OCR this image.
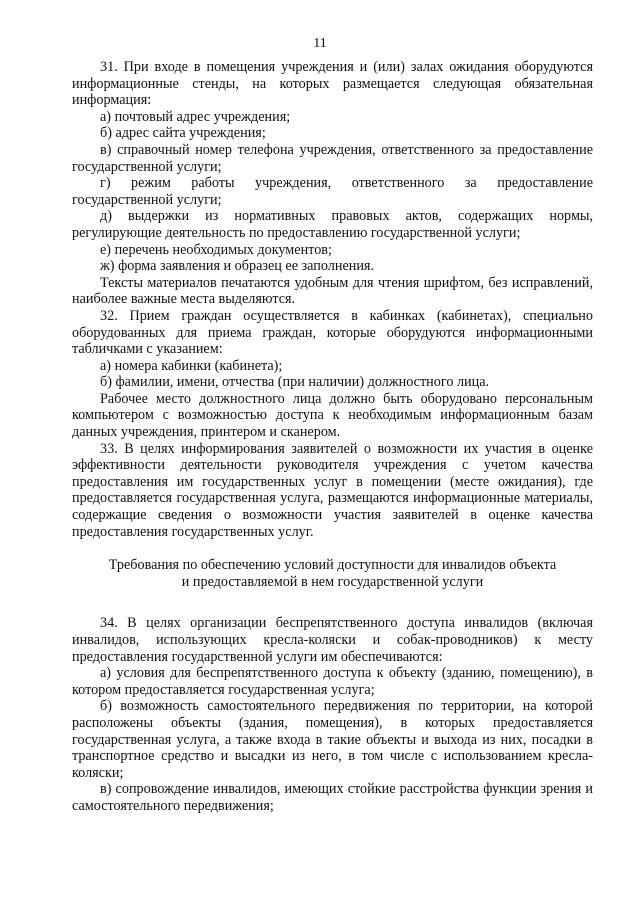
11

31. При входе в помещения учреждения и (или) залах ожидания оборудуются информационные стенды, на которых размещается следующая обязательная информация:

а) почтовый адрес учреждения;

б) адрес сайта учреждения;

в) справочный номер телефона учреждения, ответственного за предоставление государственной услуги;

г) режим работы учреждения, ответственного за предоставление государственной услуги;

д) выдержки из нормативных правовых актов, содержащих нормы, регулирующие деятельность по предоставлению государственной услуги;

е) перечень необходимых документов;

ж) форма заявления и образец ее заполнения.

Тексты материалов печатаются удобным для чтения шрифтом, без исправлений, наиболее важные места выделяются.

32. Прием граждан осуществляется в кабинках (кабинетах), специально оборудованных для приема граждан, которые оборудуются информационными табличками с указанием:

а) номера кабинки (кабинета);

б) фамилии, имени, отчества (при наличии) должностного лица.

Рабочее место должностного лица должно быть оборудовано персональным компьютером с возможностью доступа к необходимым информационным базам данных учреждения, принтером и сканером.

33. В целях информирования заявителей о возможности их участия в оценке эффективности деятельности руководителя учреждения с учетом качества предоставления им государственных услуг в помещении (месте ожидания), где предоставляется государственная услуга, размещаются информационные материалы, содержащие сведения о возможности участия заявителей в оценке качества предоставления государственных услуг.

Требования по обеспечению условий доступности для инвалидов объекта

и предоставляемой в нем государственной услуги

34. В целях организации беспрепятственного доступа инвалидов (включая инвалидов, использующих кресла-коляски и собак-проводников) к месту предоставления государственной услуги им обеспечиваются:

а) условия для беспрепятственного доступа к объекту (зданию, помещению), в котором предоставляется государственная услуга;

б) возможность самостоятельного передвижения по территории, на которой расположены объекты (здания, помещения), в которых предоставляется государственная услуга, а также входа в такие объекты и выхода из них, посадки в транспортное средство и высадки из него, в том числе с использованием кресла-коляски;

в) сопровождение инвалидов, имеющих стойкие расстройства функции зрения и самостоятельного передвижения;
